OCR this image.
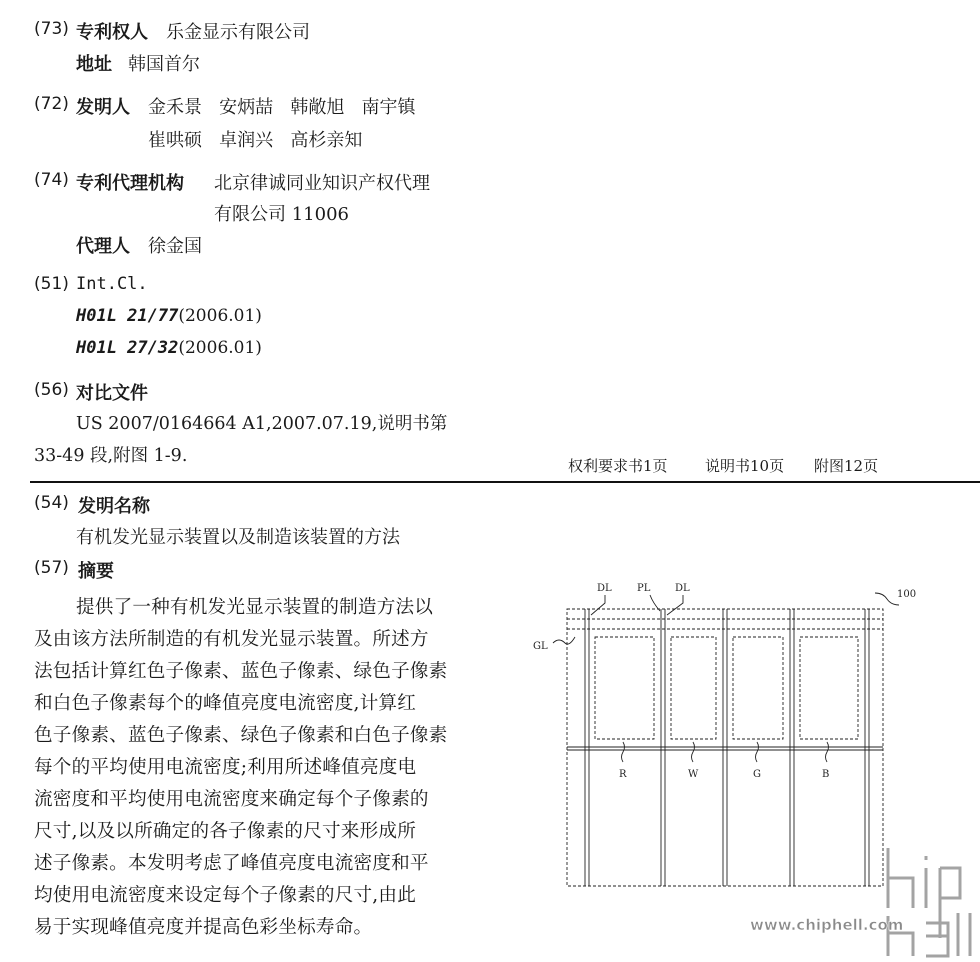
(73) 专利权人 乐金显示有限公司
地址 韩国首尔
(72) 发明人 金禾景   安炳喆   韩敞旭   南宇镇
崔哄硕   卓润兴   高杉亲知
(74) 专利代理机构 北京律诚同业知识产权代理
有限公司 11006
代理人 徐金国
(51) Int.Cl.
H01L 21/77(2006.01)
H01L 27/32(2006.01)
(56) 对比文件
US 2007/0164664 A1,2007.07.19,说明书第
33-49 段,附图 1-9.	权利要求书1页 说明书10页 附图12页
(54) 发明名称
有机发光显示装置以及制造该装置的方法
(57) 摘要
提供了一种有机发光显示装置的制造方法以
及由该方法所制造的有机发光显示装置。所述方
法包括计算红色子像素、蓝色子像素、绿色子像素
和白色子像素每个的峰值亮度电流密度,计算红
色子像素、蓝色子像素、绿色子像素和白色子像素
每个的平均使用电流密度;利用所述峰值亮度电
流密度和平均使用电流密度来确定每个子像素的
尺寸,以及以所确定的各子像素的尺寸来形成所
述子像素。本发明考虑了峰值亮度电流密度和平
均使用电流密度来设定每个子像素的尺寸,由此
易于实现峰值亮度并提高色彩坐标寿命。
DL	PL DL
100
GL
R	W	G	B
www.chiphell.com
